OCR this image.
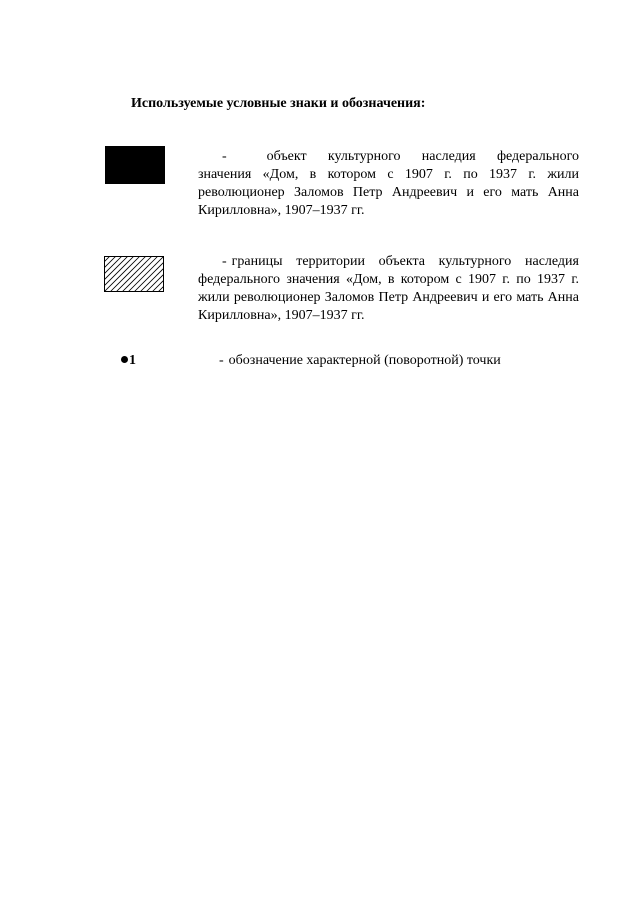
Используемые условные знаки и обозначения:
-	объект культурного наследия федерального значения «Дом, в котором с 1907 г. по 1937 г. жили революционер Заломов Петр Андреевич и его мать Анна Кирилловна», 1907–1937 гг.
- границы территории объекта культурного наследия федерального значения «Дом, в котором с 1907 г. по 1937 г. жили революционер Заломов Петр Андреевич и его мать Анна Кирилловна», 1907–1937 гг.
1	- обозначение характерной (поворотной) точки
